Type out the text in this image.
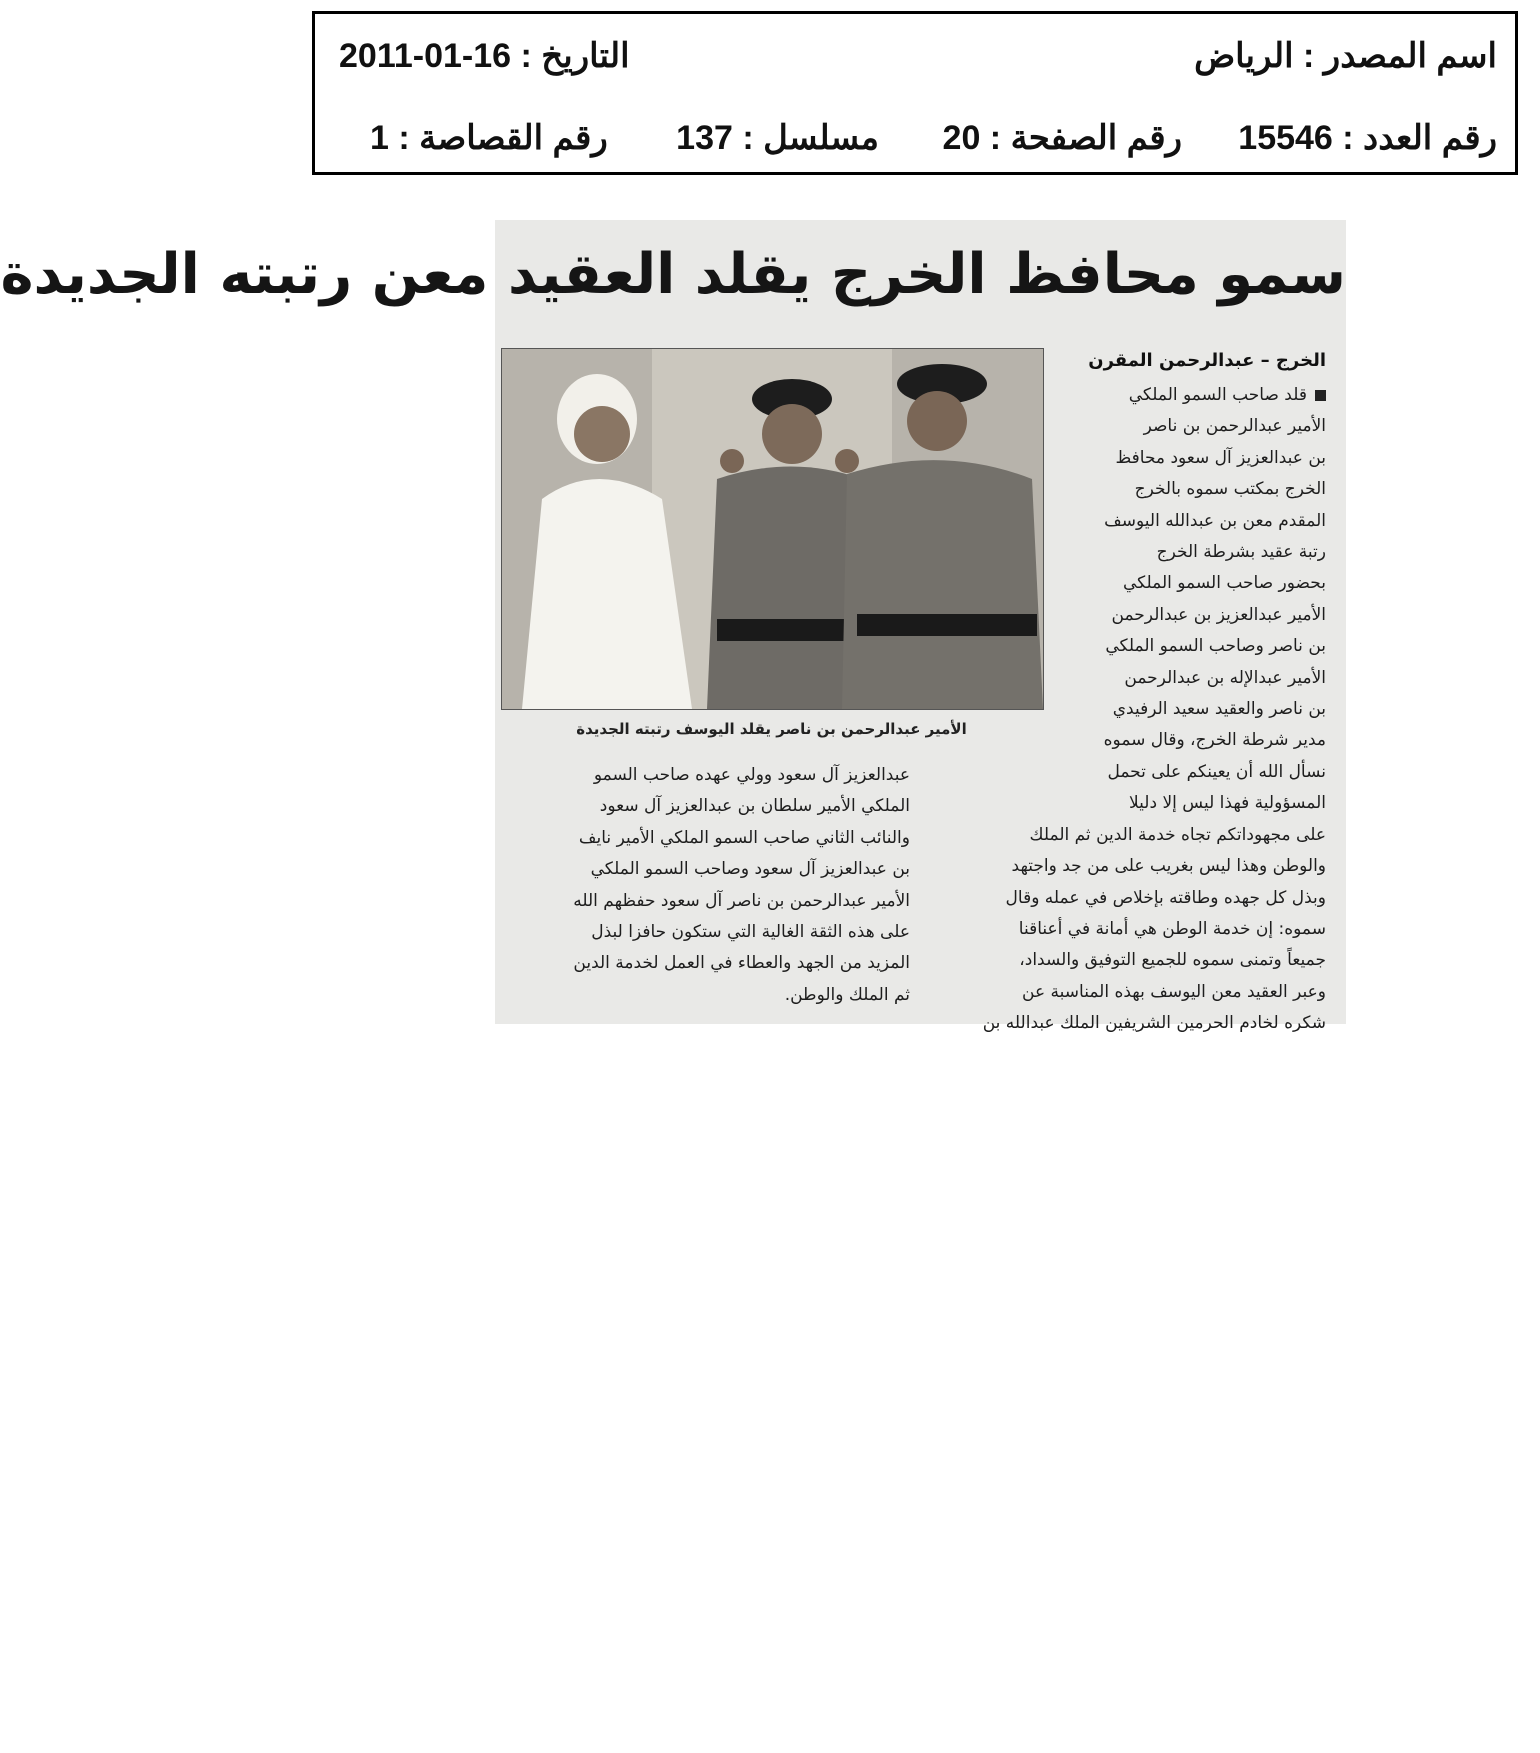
اسم المصدر : الرياض
التاريخ : 16-01-2011
رقم العدد : 15546
رقم الصفحة : 20
مسلسل : 137
رقم القصاصة : 1
سمو محافظ الخرج يقلد العقيد معن رتبته الجديدة
الأمير عبدالرحمن بن ناصر يقلد اليوسف رتبته الجديدة
الخرج – عبدالرحمن المقرن
قلد صاحب السمو الملكي
الأمير عبدالرحمن بن ناصر
بن عبدالعزيز آل سعود محافظ
الخرج بمكتب سموه بالخرج
المقدم معن بن عبدالله اليوسف
رتبة عقيد بشرطة الخرج
بحضور صاحب السمو الملكي
الأمير عبدالعزيز بن عبدالرحمن
بن ناصر وصاحب السمو الملكي
الأمير عبدالإله بن عبدالرحمن
بن ناصر والعقيد سعيد الرفيدي
مدير شرطة الخرج، وقال سموه
نسأل الله أن يعينكم على تحمل
المسؤولية فهذا ليس إلا دليلا
على مجهوداتكم تجاه خدمة الدين ثم الملك
والوطن وهذا ليس بغريب على من جد واجتهد
وبذل كل جهده وطاقته بإخلاص في عمله وقال
سموه: إن خدمة الوطن هي أمانة في أعناقنا
جميعاً وتمنى سموه للجميع التوفيق والسداد،
وعبر العقيد معن اليوسف بهذه المناسبة عن
شكره لخادم الحرمين الشريفين الملك عبدالله بن
عبدالعزيز آل سعود وولي عهده صاحب السمو
الملكي الأمير سلطان بن عبدالعزيز آل سعود
والنائب الثاني صاحب السمو الملكي الأمير نايف
بن عبدالعزيز آل سعود وصاحب السمو الملكي
الأمير عبدالرحمن بن ناصر آل سعود حفظهم الله
على هذه الثقة الغالية التي ستكون حافزا لبذل
المزيد من الجهد والعطاء في العمل لخدمة الدين
ثم الملك والوطن.
